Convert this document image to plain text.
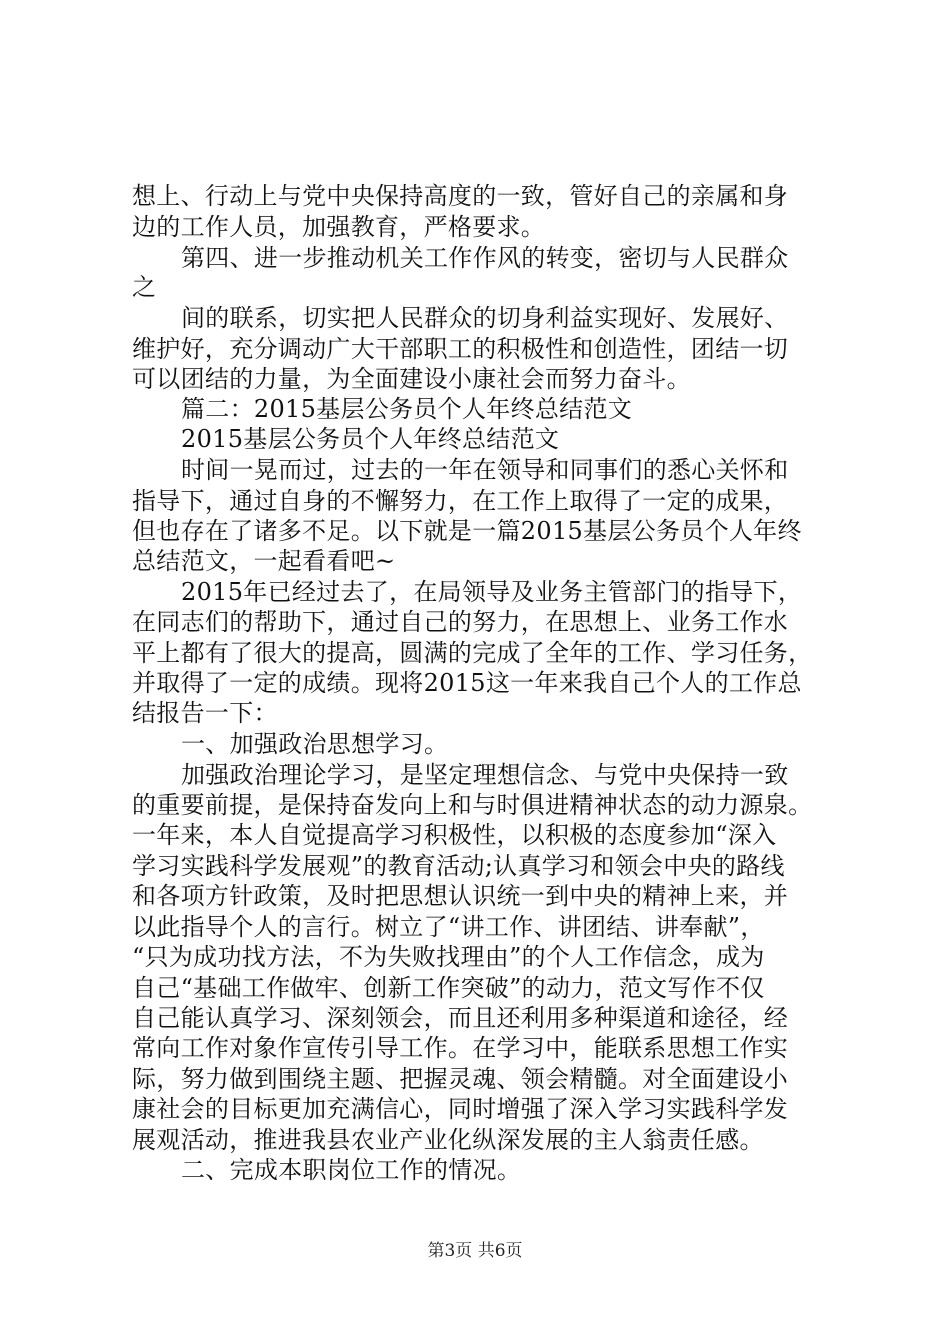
想上、行动上与党中央保持高度的一致，管好自己的亲属和身
边的工作人员，加强教育，严格要求。
第四、进一步推动机关工作作风的转变，密切与人民群众
之
间的联系，切实把人民群众的切身利益实现好、发展好、
维护好，充分调动广大干部职工的积极性和创造性，团结一切
可以团结的力量，为全面建设小康社会而努力奋斗。
篇二：2015基层公务员个人年终总结范文
2015基层公务员个人年终总结范文
时间一晃而过，过去的一年在领导和同事们的悉心关怀和
指导下，通过自身的不懈努力，在工作上取得了一定的成果，
但也存在了诸多不足。以下就是一篇2015基层公务员个人年终
总结范文，一起看看吧~
2015年已经过去了，在局领导及业务主管部门的指导下，
在同志们的帮助下，通过自己的努力，在思想上、业务工作水
平上都有了很大的提高，圆满的完成了全年的工作、学习任务，
并取得了一定的成绩。现将2015这一年来我自己个人的工作总
结报告一下：
一、加强政治思想学习。
加强政治理论学习，是坚定理想信念、与党中央保持一致
的重要前提，是保持奋发向上和与时俱进精神状态的动力源泉。
一年来，本人自觉提高学习积极性，以积极的态度参加“深入
学习实践科学发展观”的教育活动;认真学习和领会中央的路线
和各项方针政策，及时把思想认识统一到中央的精神上来，并
以此指导个人的言行。树立了“讲工作、讲团结、讲奉献”，
“只为成功找方法，不为失败找理由”的个人工作信念，成为
自己“基础工作做牢、创新工作突破”的动力，范文写作不仅
自己能认真学习、深刻领会，而且还利用多种渠道和途径，经
常向工作对象作宣传引导工作。在学习中，能联系思想工作实
际，努力做到围绕主题、把握灵魂、领会精髓。对全面建设小
康社会的目标更加充满信心，同时增强了深入学习实践科学发
展观活动，推进我县农业产业化纵深发展的主人翁责任感。
二、完成本职岗位工作的情况。
第3页 共6页
